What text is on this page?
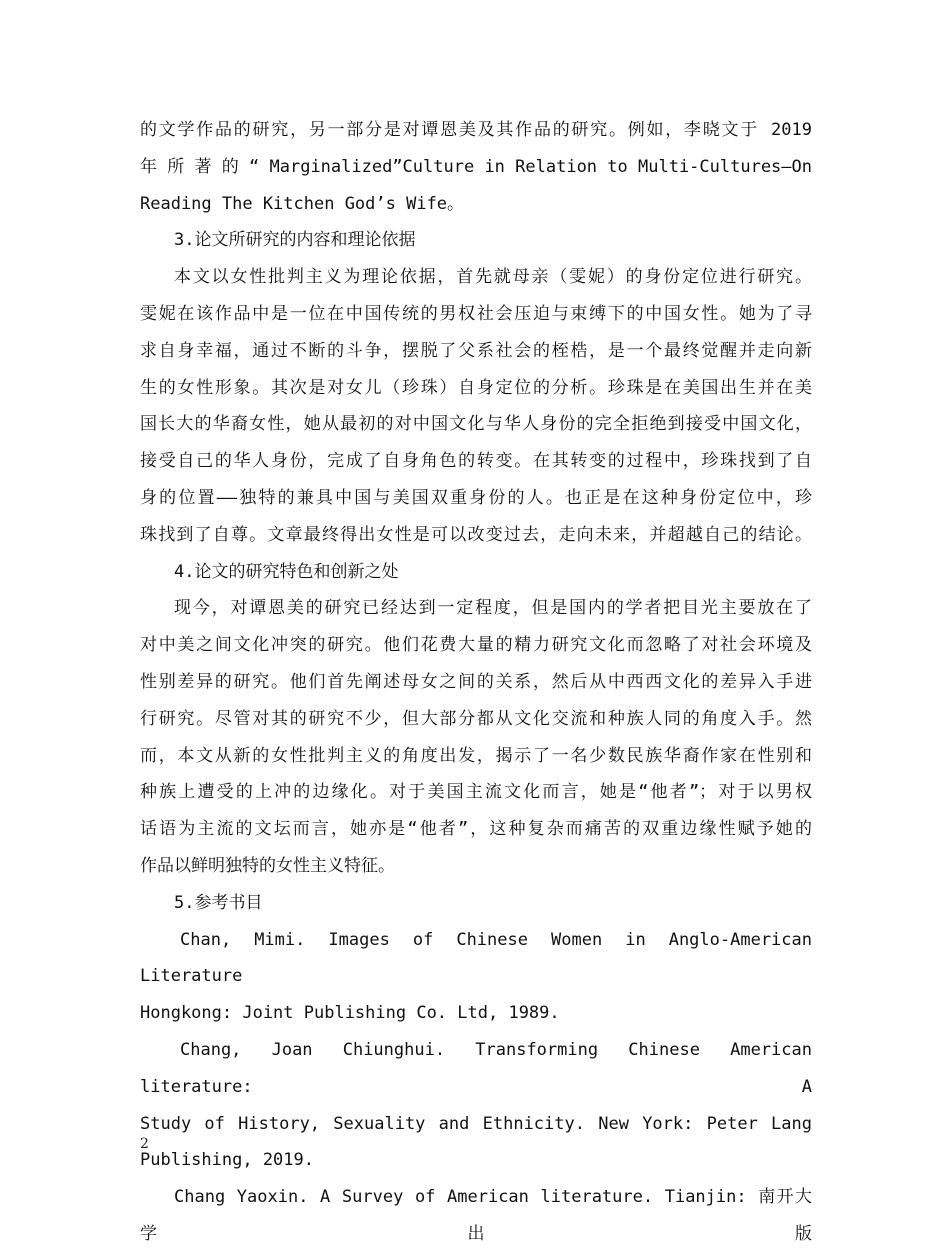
的文学作品的研究，另一部分是对谭恩美及其作品的研究。例如，李晓文于 2019
年 所 著 的 “ Marginalized”Culture in Relation to Multi-Cultures—On
Reading The Kitchen God’s Wife。

3.论文所研究的内容和理论依据

本文以女性批判主义为理论依据，首先就母亲（雯妮）的身份定位进行研究。
雯妮在该作品中是一位在中国传统的男权社会压迫与束缚下的中国女性。她为了寻
求自身幸福，通过不断的斗争，摆脱了父系社会的桎梏，是一个最终觉醒并走向新
生的女性形象。其次是对女儿（珍珠）自身定位的分析。珍珠是在美国出生并在美
国长大的华裔女性，她从最初的对中国文化与华人身份的完全拒绝到接受中国文化，
接受自己的华人身份，完成了自身角色的转变。在其转变的过程中，珍珠找到了自
身的位置——独特的兼具中国与美国双重身份的人。也正是在这种身份定位中，珍
珠找到了自尊。文章最终得出女性是可以改变过去，走向未来，并超越自己的结论。

4.论文的研究特色和创新之处

现今，对谭恩美的研究已经达到一定程度，但是国内的学者把目光主要放在了
对中美之间文化冲突的研究。他们花费大量的精力研究文化而忽略了对社会环境及
性别差异的研究。他们首先阐述母女之间的关系，然后从中西西文化的差异入手进
行研究。尽管对其的研究不少，但大部分都从文化交流和种族人同的角度入手。然
而，本文从新的女性批判主义的角度出发，揭示了一名少数民族华裔作家在性别和
种族上遭受的上冲的边缘化。对于美国主流文化而言，她是“他者”；对于以男权
话语为主流的文坛而言，她亦是“他者”，这种复杂而痛苦的双重边缘性赋予她的
作品以鲜明独特的女性主义特征。

5.参考书目

Chan, Mimi. Images of Chinese Women in Anglo-American Literature
Hongkong: Joint Publishing Co. Ltd, 1989.

Chang, Joan Chiunghui. Transforming Chinese American literature: A
Study of History, Sexuality and Ethnicity. New York: Peter Lang
Publishing, 2019.

Chang Yaoxin. A Survey of American literature. Tianjin: 南开大学出版

2
